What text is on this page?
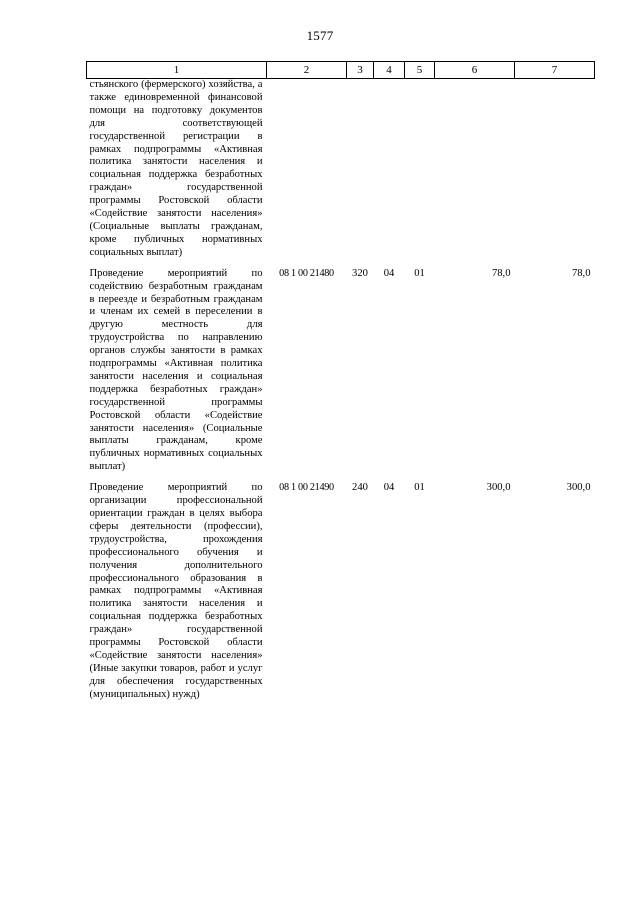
1577
1	2	3	4	5	6	7
стьянского (фермерского) хозяйства, а также единовременной финансовой помощи на подготовку документов для соответствующей государственной регистрации в рамках подпрограммы «Активная политика занятости населения и социальная поддержка безработных граждан» государственной программы Ростовской области «Содействие занятости населения» (Социальные выплаты гражданам, кроме публичных нормативных социальных выплат)						
Проведение мероприятий по содействию безработным гражданам в переезде и безработным гражданам и членам их семей в переселении в другую местность для трудоустройства по направлению органов службы занятости в рамках подпрограммы «Активная политика занятости населения и социальная поддержка безработных граждан» государственной программы Ростовской области «Содействие занятости населения» (Социальные выплаты гражданам, кроме публичных нормативных социальных выплат)	08 1 00 21480	320	04	01	78,0	78,0
Проведение мероприятий по организации профессиональной ориентации граждан в целях выбора сферы деятельности (профессии), трудоустройства, прохождения профессионального обучения и получения дополнительного профессионального образования в рамках подпрограммы «Активная политика занятости населения и социальная поддержка безработных граждан» государственной программы Ростовской области «Содействие занятости населения» (Иные закупки товаров, работ и услуг для обеспечения государственных (муниципальных) нужд)	08 1 00 21490	240	04	01	300,0	300,0
